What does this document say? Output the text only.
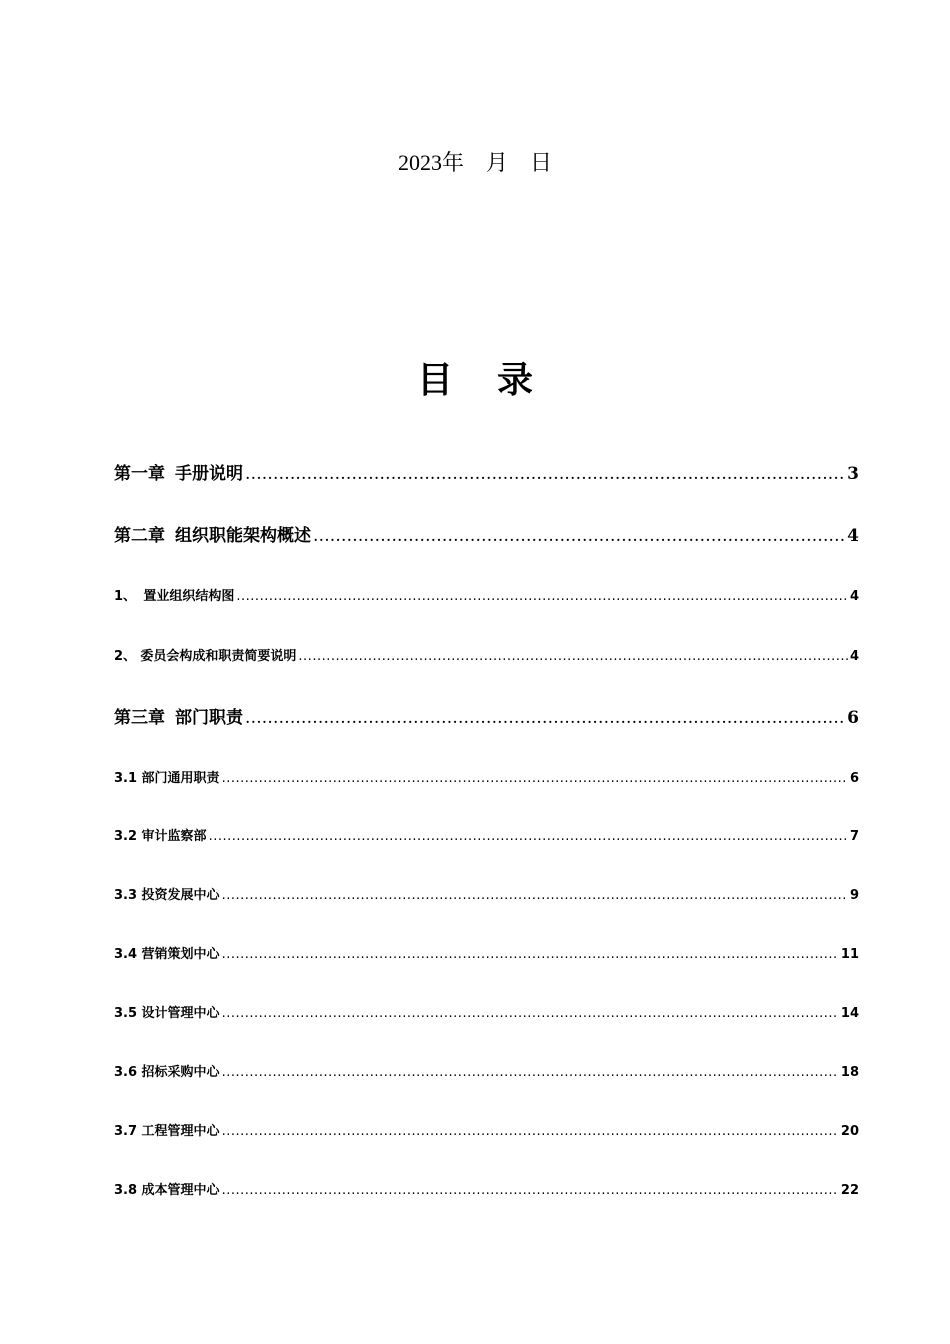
2023年 月 日
目 录
第一章 手册说明 .....	3
第二章 组织职能架构概述 .....	4
1、 置业组织结构图 .....	4
2、 委员会构成和职责简要说明 .....	4
第三章 部门职责 .....	6
3.1 部门通用职责 .....	6
3.2 审计监察部 .....	7
3.3 投资发展中心 .....	9
3.4 营销策划中心 .....	11
3.5 设计管理中心 .....	14
3.6 招标采购中心 .....	18
3.7 工程管理中心 .....	20
3.8 成本管理中心 .....	22
